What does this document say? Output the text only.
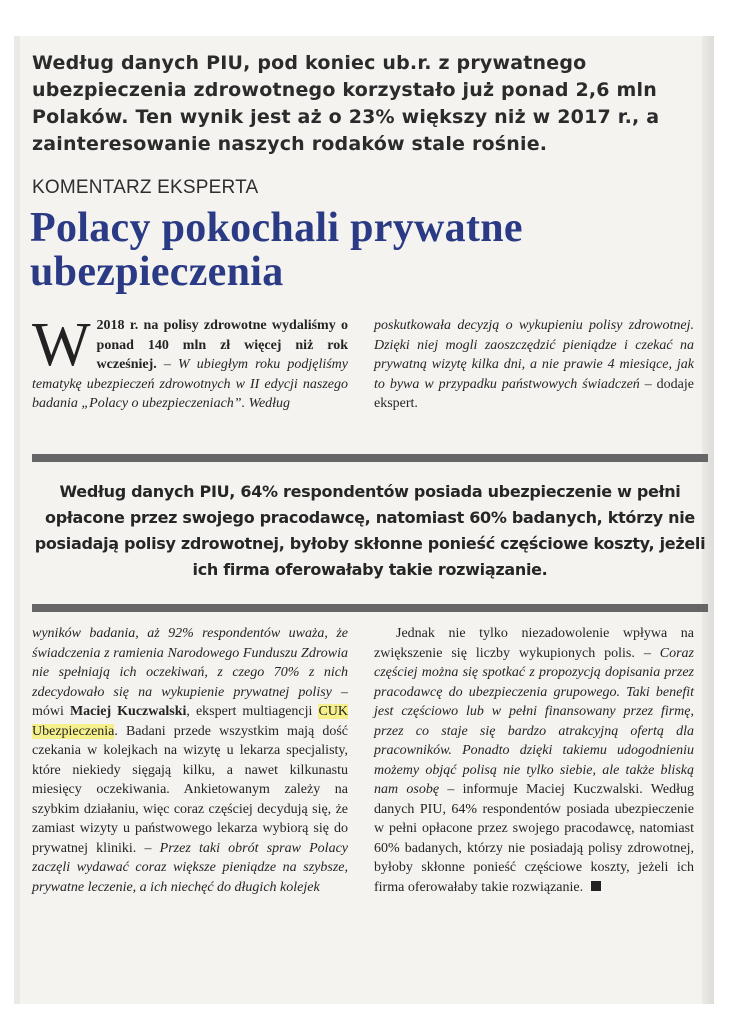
Według danych PIU, pod koniec ub.r. z prywatnego ubezpieczenia zdrowotnego korzystało już ponad 2,6 mln Polaków. Ten wynik jest aż o 23% większy niż w 2017 r., a zainteresowanie naszych rodaków stale rośnie.
KOMENTARZ EKSPERTA
Polacy pokochali prywatne ubezpieczenia

W 2018 r. na polisy zdrowotne wydaliśmy o ponad 140 mln zł więcej niż rok wcześniej. – W ubiegłym roku podjęliśmy tematykę ubezpieczeń zdrowotnych w II edycji naszego badania „Polacy o ubezpieczeniach”. Według

poskutkowała decyzją o wykupieniu polisy zdrowotnej. Dzięki niej mogli zaoszczędzić pieniądze i czekać na prywatną wizytę kilka dni, a nie prawie 4 miesiące, jak to bywa w przypadku państwowych świadczeń – dodaje ekspert.

Według danych PIU, 64% respondentów posiada ubezpieczenie w pełni opłacone przez swojego pracodawcę, natomiast 60% badanych, którzy nie posiadają polisy zdrowotnej, byłoby skłonne ponieść częściowe koszty, jeżeli ich firma oferowałaby takie rozwiązanie.

wyników badania, aż 92% respondentów uważa, że świadczenia z ramienia Narodowego Funduszu Zdrowia nie spełniają ich oczekiwań, z czego 70% z nich zdecydowało się na wykupienie prywatnej polisy – mówi Maciej Kuczwalski, ekspert multiagencji CUK Ubezpieczenia. Badani przede wszystkim mają dość czekania w kolejkach na wizytę u lekarza specjalisty, które niekiedy sięgają kilku, a nawet kilkunastu miesięcy oczekiwania. Ankietowanym zależy na szybkim działaniu, więc coraz częściej decydują się, że zamiast wizyty u państwowego lekarza wybiorą się do prywatnej kliniki. – Przez taki obrót spraw Polacy zaczęli wydawać coraz większe pieniądze na szybsze, prywatne leczenie, a ich niechęć do długich kolejek

Jednak nie tylko niezadowolenie wpływa na zwiększenie się liczby wykupionych polis. – Coraz częściej można się spotkać z propozycją dopisania przez pracodawcę do ubezpieczenia grupowego. Taki benefit jest częściowo lub w pełni finansowany przez firmę, przez co staje się bardzo atrakcyjną ofertą dla pracowników. Ponadto dzięki takiemu udogodnieniu możemy objąć polisą nie tylko siebie, ale także bliską nam osobę – informuje Maciej Kuczwalski. Według danych PIU, 64% respondentów posiada ubezpieczenie w pełni opłacone przez swojego pracodawcę, natomiast 60% badanych, którzy nie posiadają polisy zdrowotnej, byłoby skłonne ponieść częściowe koszty, jeżeli ich firma oferowałaby takie rozwiązanie.
